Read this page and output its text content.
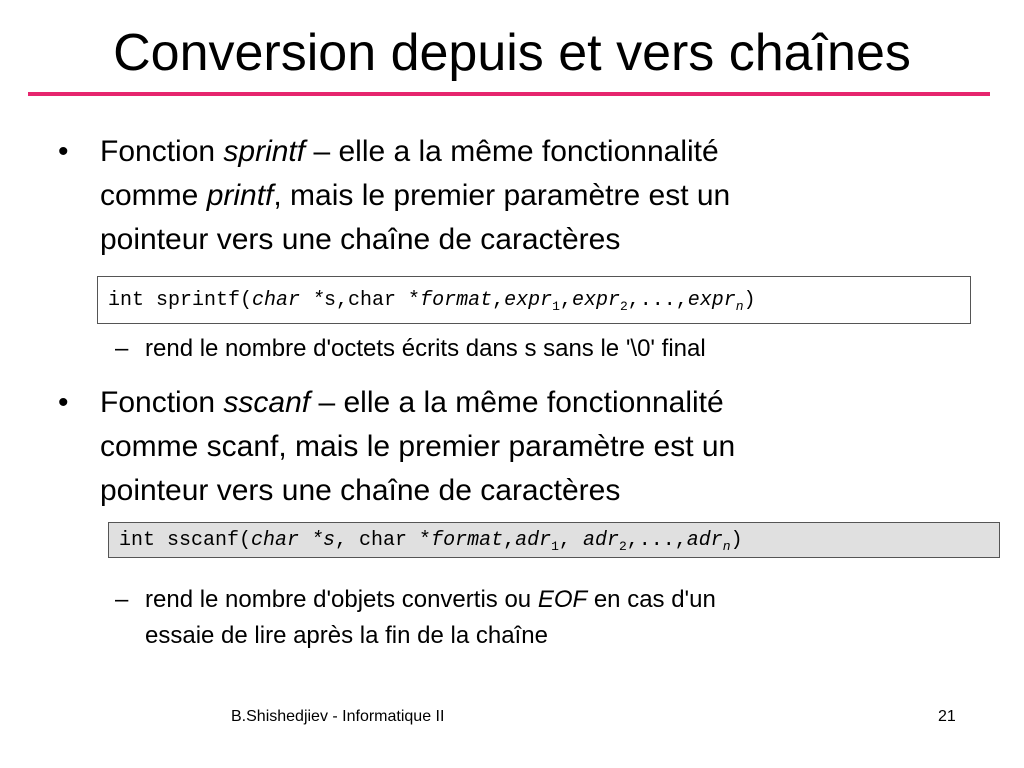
Conversion depuis et vers chaînes
• Fonction sprintf – elle a la même fonctionnalité
comme printf, mais le premier paramètre est un
pointeur vers une chaîne de caractères
int sprintf(char *s,char *format,expr$_1$,expr$_2$,...,expr$_n$)
– rend le nombre d'octets écrits dans s sans le '\0' final
• Fonction sscanf – elle a la même fonctionnalité
comme scanf, mais le premier paramètre est un
pointeur vers une chaîne de caractères
int sscanf(char *s, char *format,adr$_1$, adr$_2$,...,adr$_n$)
– rend le nombre d'objets convertis ou EOF en cas d'un
essaie de lire après la fin de la chaîne
B.Shishedjiev - Informatique II	21
